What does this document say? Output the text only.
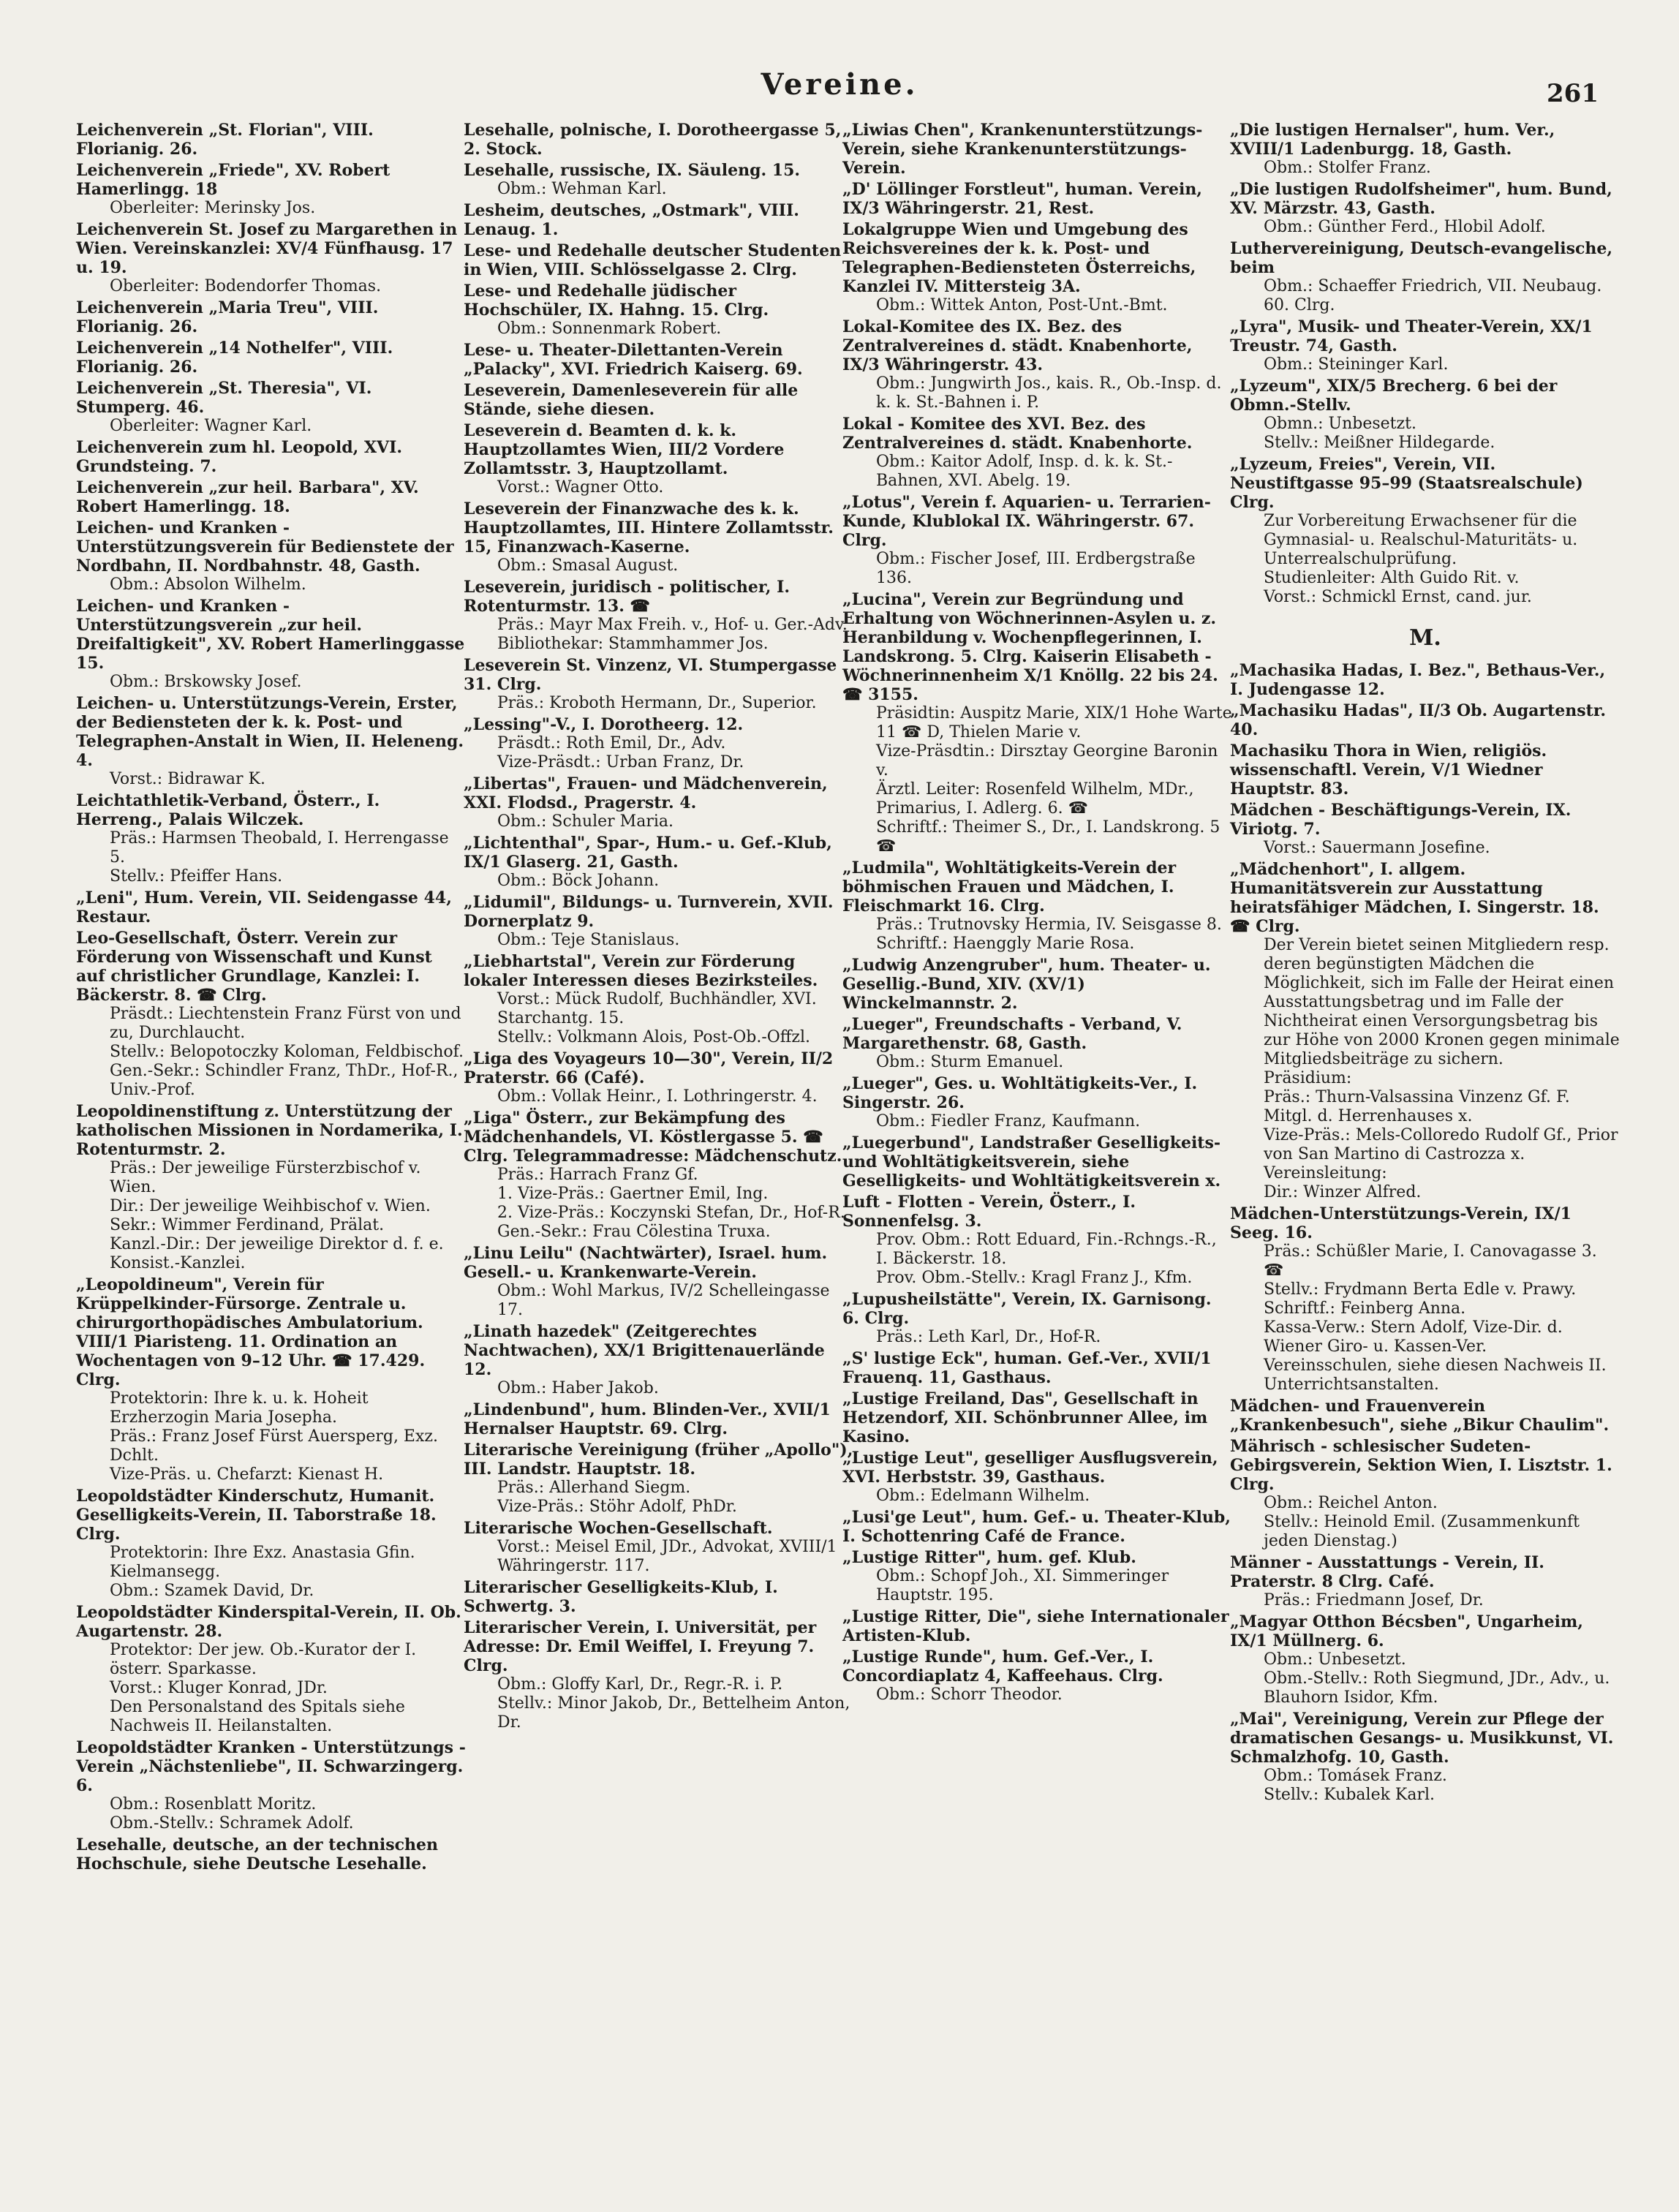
Vereine.	261

Leichenverein „St. Florian", VIII. Florianig. 26.

Leichenverein „Friede", XV. Robert Hamerlingg. 18

Oberleiter: Merinsky Jos.

Leichenverein St. Josef zu Margarethen in Wien. Vereinskanzlei: XV/4 Fünfhausg. 17 u. 19.

Oberleiter: Bodendorfer Thomas.

Leichenverein „Maria Treu", VIII. Florianig. 26.

Leichenverein „14 Nothelfer", VIII. Florianig. 26.

Leichenverein „St. Theresia", VI. Stumperg. 46.

Oberleiter: Wagner Karl.

Leichenverein zum hl. Leopold, XVI. Grundsteing. 7.

Leichenverein „zur heil. Barbara", XV. Robert Hamerlingg. 18.

Leichen- und Kranken - Unterstützungsverein für Bedienstete der Nordbahn, II. Nordbahnstr. 48, Gasth.

Obm.: Absolon Wilhelm.

Leichen- und Kranken - Unterstützungsverein „zur heil. Dreifaltigkeit", XV. Robert Hamerlinggasse 15.

Obm.: Brskowsky Josef.

Leichen- u. Unterstützungs-Verein, Erster, der Bediensteten der k. k. Post- und Telegraphen-Anstalt in Wien, II. Heleneng. 4.

Vorst.: Bidrawar K.

Leichtathletik-Verband, Österr., I. Herreng., Palais Wilczek.

Präs.: Harmsen Theobald, I. Herrengasse 5.

Stellv.: Pfeiffer Hans.

„Leni", Hum. Verein, VII. Seidengasse 44, Restaur.

Leo-Gesellschaft, Österr. Verein zur Förderung von Wissenschaft und Kunst auf christlicher Grundlage, Kanzlei: I. Bäckerstr. 8. ☎ Clrg.

Präsdt.: Liechtenstein Franz Fürst von und zu, Durchlaucht.

Stellv.: Belopotoczky Koloman, Feldbischof.

Gen.-Sekr.: Schindler Franz, ThDr., Hof-R., Univ.-Prof.

Leopoldinenstiftung z. Unterstützung der katholischen Missionen in Nordamerika, I. Rotenturmstr. 2.

Präs.: Der jeweilige Fürsterzbischof v. Wien.

Dir.: Der jeweilige Weihbischof v. Wien.

Sekr.: Wimmer Ferdinand, Prälat.

Kanzl.-Dir.: Der jeweilige Direktor d. f. e. Konsist.-Kanzlei.

„Leopoldineum", Verein für Krüppelkinder-Fürsorge. Zentrale u. chirurgorthopädisches Ambulatorium. VIII/1 Piaristeng. 11. Ordination an Wochentagen von 9–12 Uhr. ☎ 17.429. Clrg.

Protektorin: Ihre k. u. k. Hoheit Erzherzogin Maria Josepha.

Präs.: Franz Josef Fürst Auersperg, Exz. Dchlt.

Vize-Präs. u. Chefarzt: Kienast H.

Leopoldstädter Kinderschutz, Humanit. Geselligkeits-Verein, II. Taborstraße 18. Clrg.

Protektorin: Ihre Exz. Anastasia Gfin. Kielmansegg.

Obm.: Szamek David, Dr.

Leopoldstädter Kinderspital-Verein, II. Ob. Augartenstr. 28.

Protektor: Der jew. Ob.-Kurator der I. österr. Sparkasse.

Vorst.: Kluger Konrad, JDr.

Den Personalstand des Spitals siehe Nachweis II. Heilanstalten.

Leopoldstädter Kranken - Unterstützungs - Verein „Nächstenliebe", II. Schwarzingerg. 6.

Obm.: Rosenblatt Moritz.

Obm.-Stellv.: Schramek Adolf.

Lesehalle, deutsche, an der technischen Hochschule, siehe Deutsche Lesehalle.

Lesehalle, polnische, I. Dorotheergasse 5, 2. Stock.

Lesehalle, russische, IX. Säuleng. 15.

Obm.: Wehman Karl.

Lesheim, deutsches, „Ostmark", VIII. Lenaug. 1.

Lese- und Redehalle deutscher Studenten in Wien, VIII. Schlösselgasse 2. Clrg.

Lese- und Redehalle jüdischer Hochschüler, IX. Hahng. 15. Clrg.

Obm.: Sonnenmark Robert.

Lese- u. Theater-Dilettanten-Verein „Palacky", XVI. Friedrich Kaiserg. 69.

Leseverein, Damenleseverein für alle Stände, siehe diesen.

Leseverein d. Beamten d. k. k. Hauptzollamtes Wien, III/2 Vordere Zollamtsstr. 3, Hauptzollamt.

Vorst.: Wagner Otto.

Leseverein der Finanzwache des k. k. Hauptzollamtes, III. Hintere Zollamtsstr. 15, Finanzwach-Kaserne.

Obm.: Smasal August.

Leseverein, juridisch - politischer, I. Rotenturmstr. 13. ☎

Präs.: Mayr Max Freih. v., Hof- u. Ger.-Adv.

Bibliothekar: Stammhammer Jos.

Leseverein St. Vinzenz, VI. Stumpergasse 31. Clrg.

Präs.: Kroboth Hermann, Dr., Superior.

„Lessing"-V., I. Dorotheerg. 12.

Präsdt.: Roth Emil, Dr., Adv.

Vize-Präsdt.: Urban Franz, Dr.

„Libertas", Frauen- und Mädchenverein, XXI. Flodsd., Pragerstr. 4.

Obm.: Schuler Maria.

„Lichtenthal", Spar-, Hum.- u. Gef.-Klub, IX/1 Glaserg. 21, Gasth.

Obm.: Böck Johann.

„Lidumil", Bildungs- u. Turnverein, XVII. Dornerplatz 9.

Obm.: Teje Stanislaus.

„Liebhartstal", Verein zur Förderung lokaler Interessen dieses Bezirksteiles.

Vorst.: Mück Rudolf, Buchhändler, XVI. Starchantg. 15.

Stellv.: Volkmann Alois, Post-Ob.-Offzl.

„Liga des Voyageurs 10—30", Verein, II/2 Praterstr. 66 (Café).

Obm.: Vollak Heinr., I. Lothringerstr. 4.

„Liga" Österr., zur Bekämpfung des Mädchenhandels, VI. Köstlergasse 5. ☎ Clrg. Telegrammadresse: Mädchenschutz.

Präs.: Harrach Franz Gf.

1. Vize-Präs.: Gaertner Emil, Ing.

2. Vize-Präs.: Koczynski Stefan, Dr., Hof-R.

Gen.-Sekr.: Frau Cölestina Truxa.

„Linu Leilu" (Nachtwärter), Israel. hum. Gesell.- u. Krankenwarte-Verein.

Obm.: Wohl Markus, IV/2 Schelleingasse 17.

„Linath hazedek" (Zeitgerechtes Nachtwachen), XX/1 Brigittenauerlände 12.

Obm.: Haber Jakob.

„Lindenbund", hum. Blinden-Ver., XVII/1 Hernalser Hauptstr. 69. Clrg.

Literarische Vereinigung (früher „Apollo"), III. Landstr. Hauptstr. 18.

Präs.: Allerhand Siegm.

Vize-Präs.: Stöhr Adolf, PhDr.

Literarische Wochen-Gesellschaft.

Vorst.: Meisel Emil, JDr., Advokat, XVIII/1 Währingerstr. 117.

Literarischer Geselligkeits-Klub, I. Schwertg. 3.

Literarischer Verein, I. Universität, per Adresse: Dr. Emil Weiffel, I. Freyung 7. Clrg.

Obm.: Gloffy Karl, Dr., Regr.-R. i. P.

Stellv.: Minor Jakob, Dr., Bettelheim Anton, Dr.

„Liwias Chen", Krankenunterstützungs-Verein, siehe Krankenunterstützungs-Verein.

„D' Löllinger Forstleut", human. Verein, IX/3 Währingerstr. 21, Rest.

Lokalgruppe Wien und Umgebung des Reichsvereines der k. k. Post- und Telegraphen-Bediensteten Österreichs, Kanzlei IV. Mittersteig 3A.

Obm.: Wittek Anton, Post-Unt.-Bmt.

Lokal-Komitee des IX. Bez. des Zentralvereines d. städt. Knabenhorte, IX/3 Währingerstr. 43.

Obm.: Jungwirth Jos., kais. R., Ob.-Insp. d. k. k. St.-Bahnen i. P.

Lokal - Komitee des XVI. Bez. des Zentralvereines d. städt. Knabenhorte.

Obm.: Kaitor Adolf, Insp. d. k. k. St.-Bahnen, XVI. Abelg. 19.

„Lotus", Verein f. Aquarien- u. Terrarien-Kunde, Klublokal IX. Währingerstr. 67. Clrg.

Obm.: Fischer Josef, III. Erdbergstraße 136.

„Lucina", Verein zur Begründung und Erhaltung von Wöchnerinnen-Asylen u. z. Heranbildung v. Wochenpflegerinnen, I. Landskrong. 5. Clrg. Kaiserin Elisabeth - Wöchnerinnenheim X/1 Knöllg. 22 bis 24. ☎ 3155.

Präsidtin: Auspitz Marie, XIX/1 Hohe Warte 11 ☎ D, Thielen Marie v.

Vize-Präsdtin.: Dirsztay Georgine Baronin v.

Ärztl. Leiter: Rosenfeld Wilhelm, MDr., Primarius, I. Adlerg. 6. ☎

Schriftf.: Theimer S., Dr., I. Landskrong. 5 ☎

„Ludmila", Wohltätigkeits-Verein der böhmischen Frauen und Mädchen, I. Fleischmarkt 16. Clrg.

Präs.: Trutnovsky Hermia, IV. Seisgasse 8.

Schriftf.: Haenggly Marie Rosa.

„Ludwig Anzengruber", hum. Theater- u. Gesellig.-Bund, XIV. (XV/1) Winckelmannstr. 2.

„Lueger", Freundschafts - Verband, V. Margarethenstr. 68, Gasth.

Obm.: Sturm Emanuel.

„Lueger", Ges. u. Wohltätigkeits-Ver., I. Singerstr. 26.

Obm.: Fiedler Franz, Kaufmann.

„Luegerbund", Landstraßer Geselligkeits- und Wohltätigkeitsverein, siehe Geselligkeits- und Wohltätigkeitsverein x.

Luft - Flotten - Verein, Österr., I. Sonnenfelsg. 3.

Prov. Obm.: Rott Eduard, Fin.-Rchngs.-R., I. Bäckerstr. 18.

Prov. Obm.-Stellv.: Kragl Franz J., Kfm.

„Lupusheilstätte", Verein, IX. Garnisong. 6. Clrg.

Präs.: Leth Karl, Dr., Hof-R.

„S' lustige Eck", human. Gef.-Ver., XVII/1 Frauenq. 11, Gasthaus.

„Lustige Freiland, Das", Gesellschaft in Hetzendorf, XII. Schönbrunner Allee, im Kasino.

„Lustige Leut", geselliger Ausflugsverein, XVI. Herbststr. 39, Gasthaus.

Obm.: Edelmann Wilhelm.

„Lusi'ge Leut", hum. Gef.- u. Theater-Klub, I. Schottenring Café de France.

„Lustige Ritter", hum. gef. Klub.

Obm.: Schopf Joh., XI. Simmeringer Hauptstr. 195.

„Lustige Ritter, Die", siehe Internationaler Artisten-Klub.

„Lustige Runde", hum. Gef.-Ver., I. Concordiaplatz 4, Kaffeehaus. Clrg.

Obm.: Schorr Theodor.

„Die lustigen Hernalser", hum. Ver., XVIII/1 Ladenburgg. 18, Gasth.

Obm.: Stolfer Franz.

„Die lustigen Rudolfsheimer", hum. Bund, XV. Märzstr. 43, Gasth.

Obm.: Günther Ferd., Hlobil Adolf.

Luthervereinigung, Deutsch-evangelische, beim

Obm.: Schaeffer Friedrich, VII. Neubaug. 60. Clrg.

„Lyra", Musik- und Theater-Verein, XX/1 Treustr. 74, Gasth.

Obm.: Steininger Karl.

„Lyzeum", XIX/5 Brecherg. 6 bei der Obmn.-Stellv.

Obmn.: Unbesetzt.

Stellv.: Meißner Hildegarde.

„Lyzeum, Freies", Verein, VII. Neustiftgasse 95–99 (Staatsrealschule) Clrg.

Zur Vorbereitung Erwachsener für die Gymnasial- u. Realschul-Maturitäts- u. Unterrealschulprüfung.

Studienleiter: Alth Guido Rit. v.

Vorst.: Schmickl Ernst, cand. jur.

M.

„Machasika Hadas, I. Bez.", Bethaus-Ver., I. Judengasse 12.

„Machasiku Hadas", II/3 Ob. Augartenstr. 40.

Machasiku Thora in Wien, religiös. wissenschaftl. Verein, V/1 Wiedner Hauptstr. 83.

Mädchen - Beschäftigungs-Verein, IX. Viriotg. 7.

Vorst.: Sauermann Josefine.

„Mädchenhort", I. allgem. Humanitätsverein zur Ausstattung heiratsfähiger Mädchen, I. Singerstr. 18. ☎ Clrg.

Der Verein bietet seinen Mitgliedern resp. deren begünstigten Mädchen die Möglichkeit, sich im Falle der Heirat einen Ausstattungsbetrag und im Falle der Nichtheirat einen Versorgungsbetrag bis zur Höhe von 2000 Kronen gegen minimale Mitgliedsbeiträge zu sichern.

Präsidium:

Präs.: Thurn-Valsassina Vinzenz Gf. F. Mitgl. d. Herrenhauses x.

Vize-Präs.: Mels-Colloredo Rudolf Gf., Prior von San Martino di Castrozza x.

Vereinsleitung:

Dir.: Winzer Alfred.

Mädchen-Unterstützungs-Verein, IX/1 Seeg. 16.

Präs.: Schüßler Marie, I. Canovagasse 3. ☎

Stellv.: Frydmann Berta Edle v. Prawy.

Schriftf.: Feinberg Anna.

Kassa-Verw.: Stern Adolf, Vize-Dir. d. Wiener Giro- u. Kassen-Ver.

Vereinsschulen, siehe diesen Nachweis II. Unterrichtsanstalten.

Mädchen- und Frauenverein „Krankenbesuch", siehe „Bikur Chaulim".

Mährisch - schlesischer Sudeten-Gebirgsverein, Sektion Wien, I. Lisztstr. 1. Clrg.

Obm.: Reichel Anton.

Stellv.: Heinold Emil. (Zusammenkunft jeden Dienstag.)

Männer - Ausstattungs - Verein, II. Praterstr. 8 Clrg. Café.

Präs.: Friedmann Josef, Dr.

„Magyar Otthon Bécsben", Ungarheim, IX/1 Müllnerg. 6.

Obm.: Unbesetzt.

Obm.-Stellv.: Roth Siegmund, JDr., Adv., u. Blauhorn Isidor, Kfm.

„Mai", Vereinigung, Verein zur Pflege der dramatischen Gesangs- u. Musikkunst, VI. Schmalzhofg. 10, Gasth.

Obm.: Tomásek Franz.

Stellv.: Kubalek Karl.
